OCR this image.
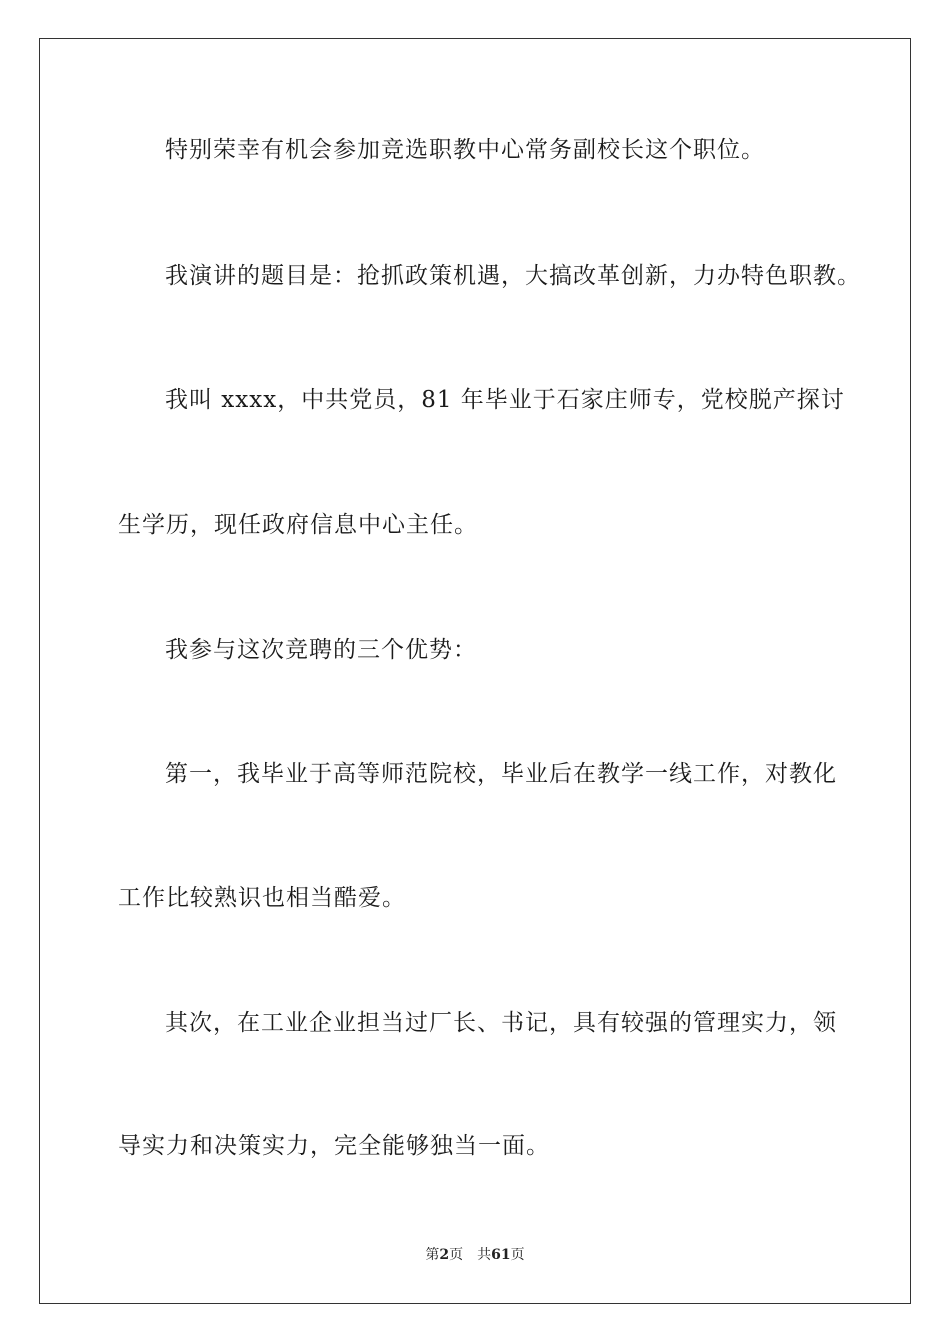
特别荣幸有机会参加竞选职教中心常务副校长这个职位。
我演讲的题目是：抢抓政策机遇，大搞改革创新，力办特色职教。
我叫 xxxx，中共党员，81 年毕业于石家庄师专，党校脱产探讨
生学历，现任政府信息中心主任。
我参与这次竞聘的三个优势：
第一，我毕业于高等师范院校，毕业后在教学一线工作，对教化
工作比较熟识也相当酷爱。
其次，在工业企业担当过厂长、书记，具有较强的管理实力，领
导实力和决策实力，完全能够独当一面。
第2页 共61页
